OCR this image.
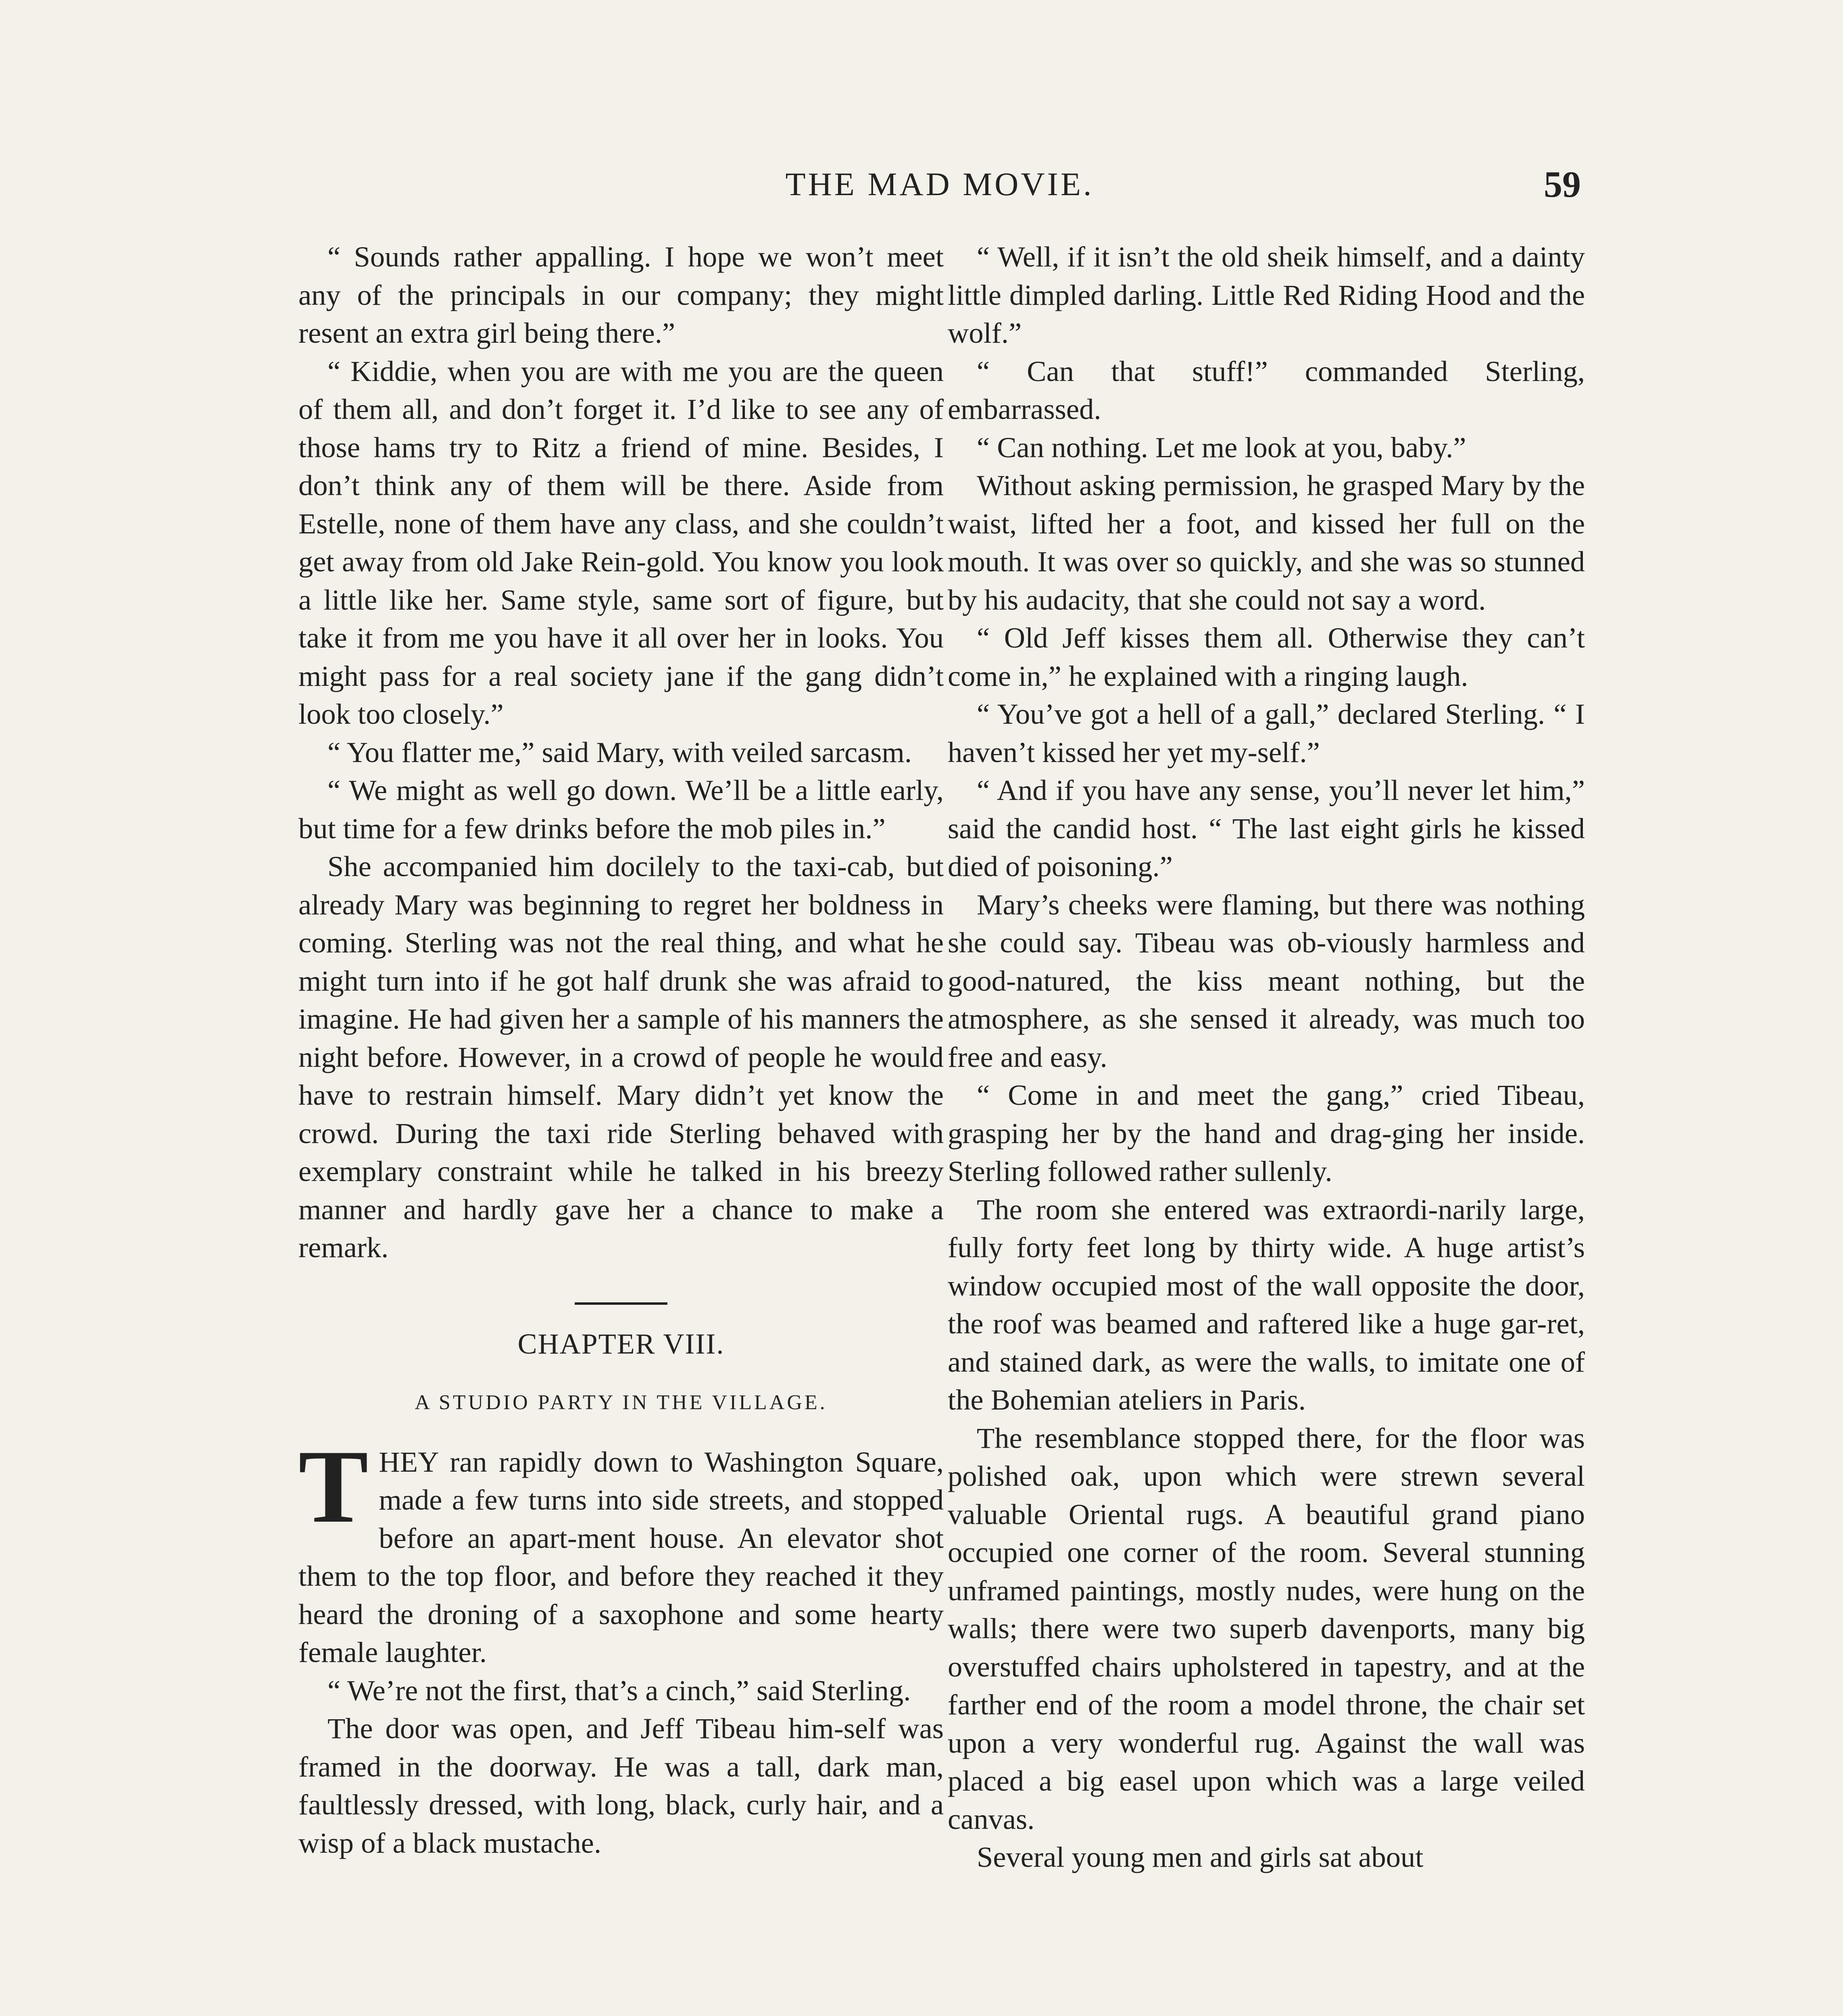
THE MAD MOVIE.	59

“ Sounds rather appalling. I hope we won’t meet any of the principals in our company; they might resent an extra girl being there.”

“ Kiddie, when you are with me you are the queen of them all, and don’t forget it. I’d like to see any of those hams try to Ritz a friend of mine. Besides, I don’t think any of them will be there. Aside from Estelle, none of them have any class, and she couldn’t get away from old Jake Rein-gold. You know you look a little like her. Same style, same sort of figure, but take it from me you have it all over her in looks. You might pass for a real society jane if the gang didn’t look too closely.”

“ You flatter me,” said Mary, with veiled sarcasm.

“ We might as well go down. We’ll be a little early, but time for a few drinks before the mob piles in.”

She accompanied him docilely to the taxi-cab, but already Mary was beginning to regret her boldness in coming. Sterling was not the real thing, and what he might turn into if he got half drunk she was afraid to imagine. He had given her a sample of his manners the night before. However, in a crowd of people he would have to restrain himself. Mary didn’t yet know the crowd. During the taxi ride Sterling behaved with exemplary constraint while he talked in his breezy manner and hardly gave her a chance to make a remark.

CHAPTER VIII.
A STUDIO PARTY IN THE VILLAGE.

THEY ran rapidly down to Washington Square, made a few turns into side streets, and stopped before an apart-ment house. An elevator shot them to the top floor, and before they reached it they heard the droning of a saxophone and some hearty female laughter.

“ We’re not the first, that’s a cinch,” said Sterling.

The door was open, and Jeff Tibeau him-self was framed in the doorway. He was a tall, dark man, faultlessly dressed, with long, black, curly hair, and a wisp of a black mustache.

“ Well, if it isn’t the old sheik himself, and a dainty little dimpled darling. Little Red Riding Hood and the wolf.”

“ Can that stuff!” commanded Sterling, embarrassed.

“ Can nothing. Let me look at you, baby.”

Without asking permission, he grasped Mary by the waist, lifted her a foot, and kissed her full on the mouth. It was over so quickly, and she was so stunned by his audacity, that she could not say a word.

“ Old Jeff kisses them all. Otherwise they can’t come in,” he explained with a ringing laugh.

“ You’ve got a hell of a gall,” declared Sterling. “ I haven’t kissed her yet my-self.”

“ And if you have any sense, you’ll never let him,” said the candid host. “ The last eight girls he kissed died of poisoning.”

Mary’s cheeks were flaming, but there was nothing she could say. Tibeau was ob-viously harmless and good-natured, the kiss meant nothing, but the atmosphere, as she sensed it already, was much too free and easy.

“ Come in and meet the gang,” cried Tibeau, grasping her by the hand and drag-ging her inside. Sterling followed rather sullenly.

The room she entered was extraordi-narily large, fully forty feet long by thirty wide. A huge artist’s window occupied most of the wall opposite the door, the roof was beamed and raftered like a huge gar-ret, and stained dark, as were the walls, to imitate one of the Bohemian ateliers in Paris.

The resemblance stopped there, for the floor was polished oak, upon which were strewn several valuable Oriental rugs. A beautiful grand piano occupied one corner of the room. Several stunning unframed paintings, mostly nudes, were hung on the walls; there were two superb davenports, many big overstuffed chairs upholstered in tapestry, and at the farther end of the room a model throne, the chair set upon a very wonderful rug. Against the wall was placed a big easel upon which was a large veiled canvas.

Several young men and girls sat about
